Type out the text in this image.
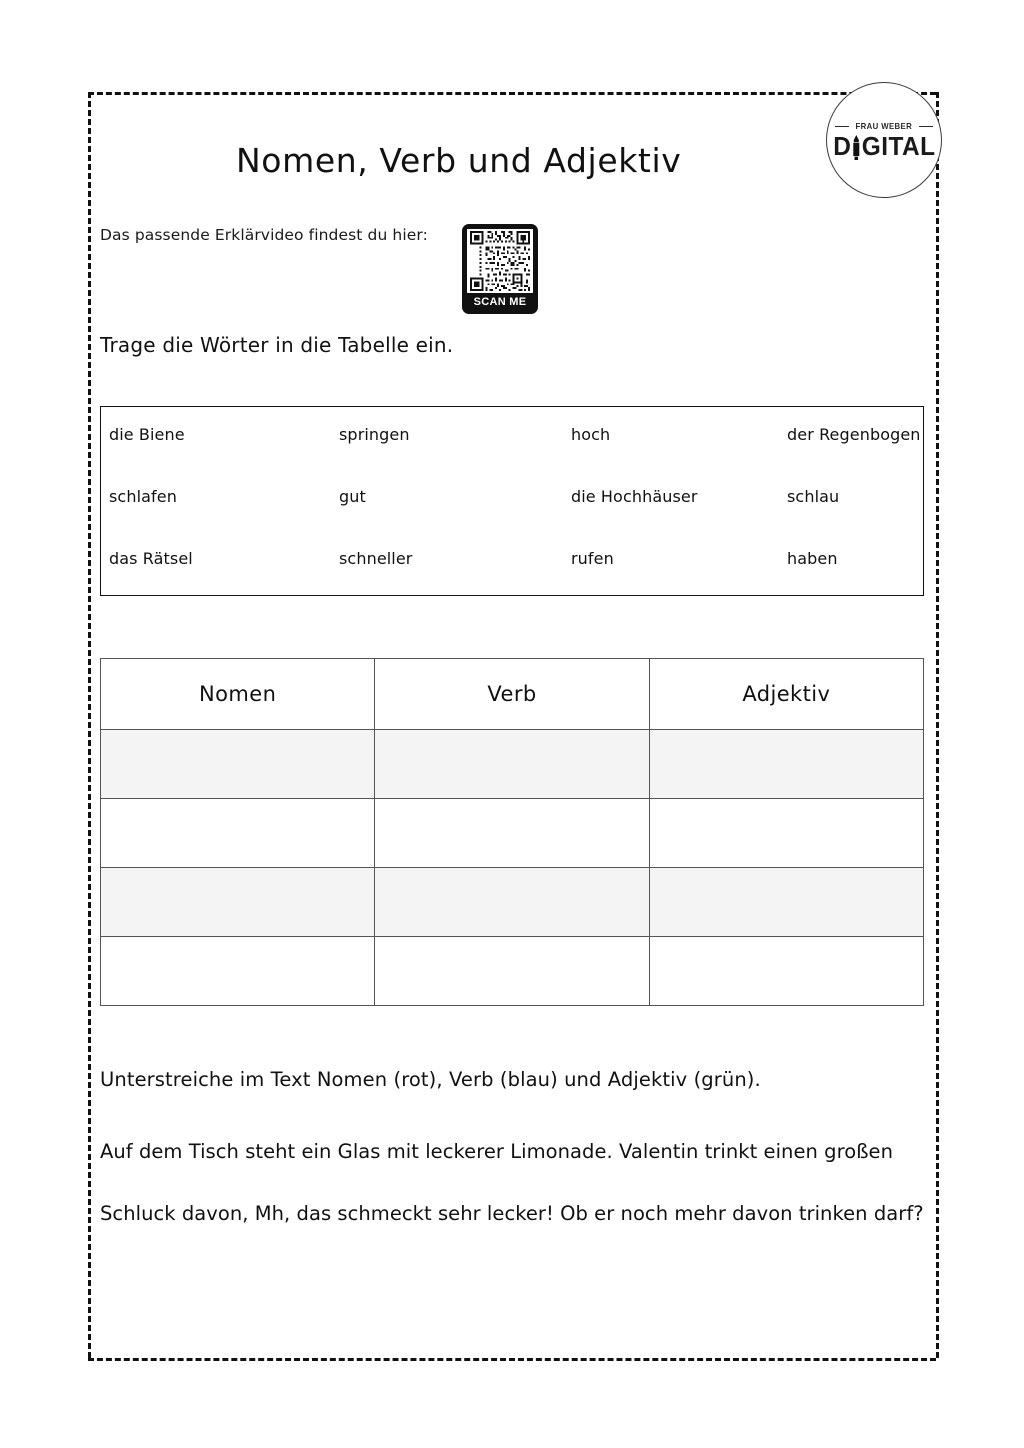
FRAU WEBER
D GITAL
Nomen, Verb und Adjektiv
Das passende Erklärvideo findest du hier:
SCAN ME
Trage die Wörter in die Tabelle ein.
die Biene	springen	hoch	der Regenbogen
schlafen	gut	die Hochhäuser	schlau
das Rätsel	schneller	rufen	haben
Nomen	Verb	Adjektiv

Unterstreiche im Text Nomen (rot), Verb (blau) und Adjektiv (grün).
Auf dem Tisch steht ein Glas mit leckerer Limonade. Valentin trinkt einen großen
Schluck davon, Mh, das schmeckt sehr lecker! Ob er noch mehr davon trinken darf?
